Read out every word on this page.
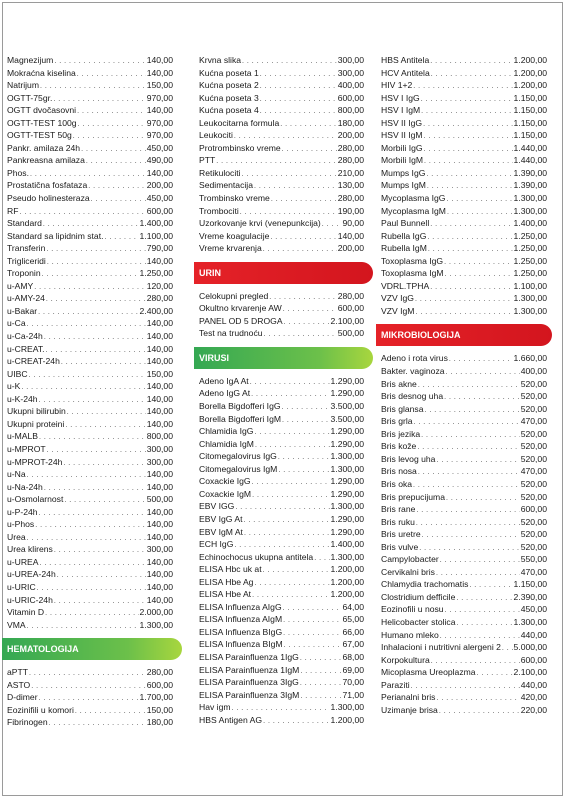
Magnezijum . . .	140,00
Mokraćna kiselina . . .	140,00
Natrijum . . .	150,00
OGTT-75gr. . . .	970,00
OGTT dvočasovni . . .	140,00
OGTT-TEST 100g . . .	970,00
OGTT-TEST 50g . . .	970,00
Pankr. amilaza 24h . . .	450,00
Pankreasna amilaza . . .	490,00
Phos. . . .	140,00
Prostatična fosfataza . . .	200,00
Pseudo holinesteraza . . .	450,00
RF . . .	600,00
Standard . . .	1.400,00
Standard sa lipidnim stat. . . .	1.100,00
Transferin . . .	790,00
Trigliceridi . . .	140,00
Troponin . . .	1.250,00
u-AMY . . .	120,00
u-AMY-24 . . .	280,00
u-Bakar . . .	2.400,00
u-Ca . . .	140,00
u-Ca-24h . . .	140,00
u-CREAT. . . .	140,00
u-CREAT-24h . . .	140,00
UIBC . . .	150,00
u-K . . .	140,00
u-K-24h . . .	140,00
Ukupni bilirubin . . .	140,00
Ukupni proteini . . .	140,00
u-MALB . . .	800,00
u-MPROT . . .	300,00
u-MPROT-24h . . .	300,00
u-Na . . .	140,00
u-Na-24h . . .	140,00
u-Osmolarnost . . .	500,00
u-P-24h . . .	140,00
u-Phos . . .	140,00
Urea . . .	140,00
Urea klirens . . .	300,00
u-UREA . . .	140,00
u-UREA-24h . . .	140,00
u-URIC . . .	140,00
u-URIC-24h . . .	140,00
Vitamin D . . .	2.000,00
VMA . . .	1.300,00
HEMATOLOGIJA
aPTT . . .	280,00
ASTO . . .	600,00
D-dimer . . .	1.700,00
Eozinifili u komori . . .	150,00
Fibrinogen . . .	180,00
Krvna slika . . .	300,00
Kućna poseta 1 . . .	300,00
Kućna poseta 2 . . .	400,00
Kućna poseta 3 . . .	600,00
Kućna poseta 4 . . .	800,00
Leukocitarna formula . . .	180,00
Leukociti . . .	200,00
Protrombinsko vreme . . .	280,00
PTT . . .	280,00
Retikulociti . . .	210,00
Sedimentacija . . .	130,00
Trombinsko vreme . . .	280,00
Trombociti . . .	190,00
Uzorkovanje krvi (venepunkcija) . . .	90,00
Vreme koagulacije . . .	140,00
Vreme krvarenja . . .	200,00
URIN
Celokupni pregled . . .	280,00
Okultno krvarenje AW . . .	600,00
PANEL OD 5 DROGA . . .	2.100,00
Test na trudnoću . . .	500,00
VIRUSI
Adeno IgA At . . .	1.290,00
Adeno IgG At . . .	1.290,00
Borella Bigdofferi IgG . . .	3.500,00
Borella Bigdofferi IgM . . .	3.500,00
Chlamidia IgG . . .	1.290,00
Chlamidia IgM . . .	1.290,00
Citomegalovirus IgG . . .	1.300,00
Citomegalovirus IgM . . .	1.300,00
Coxackie IgG . . .	1.290,00
Coxackie IgM . . .	1.290,00
EBV IGG . . .	1.300,00
EBV IgG At . . .	1.290,00
EBV IgM At . . .	1.290,00
ECH IgG . . .	1.400,00
Echinochocus ukupna antitela . . . 1.300,00
ELISA Hbc uk at . . .	1.200,00
ELISA Hbe Ag . . .	1.200,00
ELISA Hbe At . . .	1.200,00
ELISA Influenza AIgG . . .	64,00
ELISA Influenza AIgM . . .	65,00
ELISA Influenza BIgG . . .	66,00
ELISA Influenza BIgM . . .	67,00
ELISA Parainfluenza 1IgG . . .	68,00
ELISA Parainfluenza 1IgM . . .	69,00
ELISA Parainfluenza 3IgG . . .	70,00
ELISA Parainfluenza 3IgM . . .	71,00
Hav igm . . .	1.300,00
HBS Antigen AG . . .	1.200,00
HBS Antitela . . .	1.200,00
HCV Antitela . . .	1.200,00
HIV 1+2 . . .	1.200,00
HSV I IgG . . .	1.150,00
HSV I IgM . . .	1.150,00
HSV II IgG . . .	1.150,00
HSV II IgM . . .	1.150,00
Morbili IgG . . .	1.440,00
Morbili IgM . . .	1.440,00
Mumps IgG . . .	1.390,00
Mumps IgM . . .	1.390,00
Mycoplasma IgG . . .	1.300,00
Mycoplasma IgM . . .	1.300,00
Paul Bunnell . . .	1.400,00
Rubella IgG . . .	1.250,00
Rubella IgM . . .	1.250,00
Toxoplasma IgG . . .	1.250,00
Toxoplasma IgM . . .	1.250,00
VDRL.TPHA . . .	1.100,00
VZV IgG . . .	1.300,00
VZV IgM . . .	1.300,00
MIKROBIOLOGIJA
Adeno i rota virus . . .	1.660,00
Bakter. vaginoza . . .	400,00
Bris akne . . .	520,00
Bris desnog uha . . .	520,00
Bris glansa . . .	520,00
Bris grla . . .	470,00
Bris jezika . . .	520,00
Bris kože . . .	520,00
Bris levog uha . . .	520,00
Bris nosa . . .	470,00
Bris oka . . .	520,00
Bris prepucijuma . . .	520,00
Bris rane . . .	600,00
Bris ruku . . .	520,00
Bris uretre . . .	520,00
Bris vulve . . .	520,00
Campylobacter . . .	550,00
Cervikalni bris . . .	470,00
Chlamydia trachomatis . . .	1.150,00
Clostridium defficile . . .	2.390,00
Eozinofili u nosu . . .	450,00
Helicobacter stolica . . .	1.300,00
Humano mleko . . .	440,00
Inhalacioni i nutritivni alergeni 2 . . . 5.000,00
Korpokultura . . .	600,00
Micoplasma Ureoplazma . . .	2.100,00
Paraziti . . .	440,00
Perianalni bris . . .	420,00
Uzimanje brisa . . .	220,00
